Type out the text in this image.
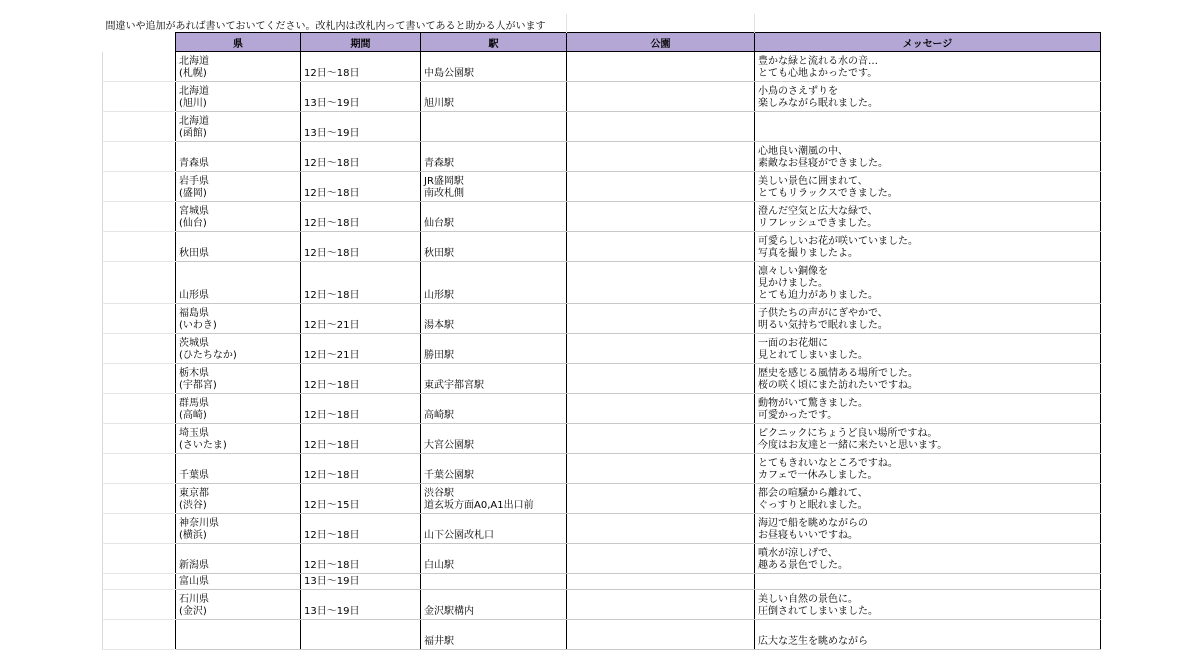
間違いや追加があれば書いておいてください。改札内は改札内って書いてあると助かる人がいます					
	県	期間	駅	公園	メッセージ

	北海道
(札幌)	12日～18日	中島公園駅		豊かな緑と流れる水の音…
とても心地よかったです。

	北海道
(旭川)	13日～19日	旭川駅		小鳥のさえずりを
楽しみながら眠れました。

	北海道
(函館)	13日～19日			

	青森県	12日～18日	青森駅		心地良い潮風の中、
素敵なお昼寝ができました。

	岩手県
(盛岡)	12日～18日	JR盛岡駅
南改札側		美しい景色に囲まれて、
とてもリラックスできました。

	宮城県
(仙台)	12日～18日	仙台駅		澄んだ空気と広大な緑で、
リフレッシュできました。

	秋田県	12日～18日	秋田駅		可愛らしいお花が咲いていました。
写真を撮りましたよ。

	山形県	12日～18日	山形駅		凛々しい銅像を
見かけました。
とても迫力がありました。

	福島県
(いわき)	12日～21日	湯本駅		子供たちの声がにぎやかで、
明るい気持ちで眠れました。

	茨城県
(ひたちなか)	12日～21日	勝田駅		一面のお花畑に
見とれてしまいました。

	栃木県
(宇都宮)	12日～18日	東武宇都宮駅		歴史を感じる風情ある場所でした。
桜の咲く頃にまた訪れたいですね。

	群馬県
(高崎)	12日～18日	高崎駅		動物がいて驚きました。
可愛かったです。

	埼玉県
(さいたま)	12日～18日	大宮公園駅		ピクニックにちょうど良い場所ですね。
今度はお友達と一緒に来たいと思います。

	千葉県	12日～18日	千葉公園駅		とてもきれいなところですね。
カフェで一休みしました。

	東京都
(渋谷)	12日～15日	渋谷駅
道玄坂方面A0,A1出口前		都会の喧騒から離れて、
ぐっすりと眠れました。

	神奈川県
(横浜)	12日～18日	山下公園改札口		海辺で船を眺めながらの
お昼寝もいいですね。

	新潟県	12日～18日	白山駅		噴水が涼しげで、
趣ある景色でした。

	富山県	13日～19日			

	石川県
(金沢)	13日～19日	金沢駅構内		美しい自然の景色に。
圧倒されてしまいました。

			福井駅		広大な芝生を眺めながら
